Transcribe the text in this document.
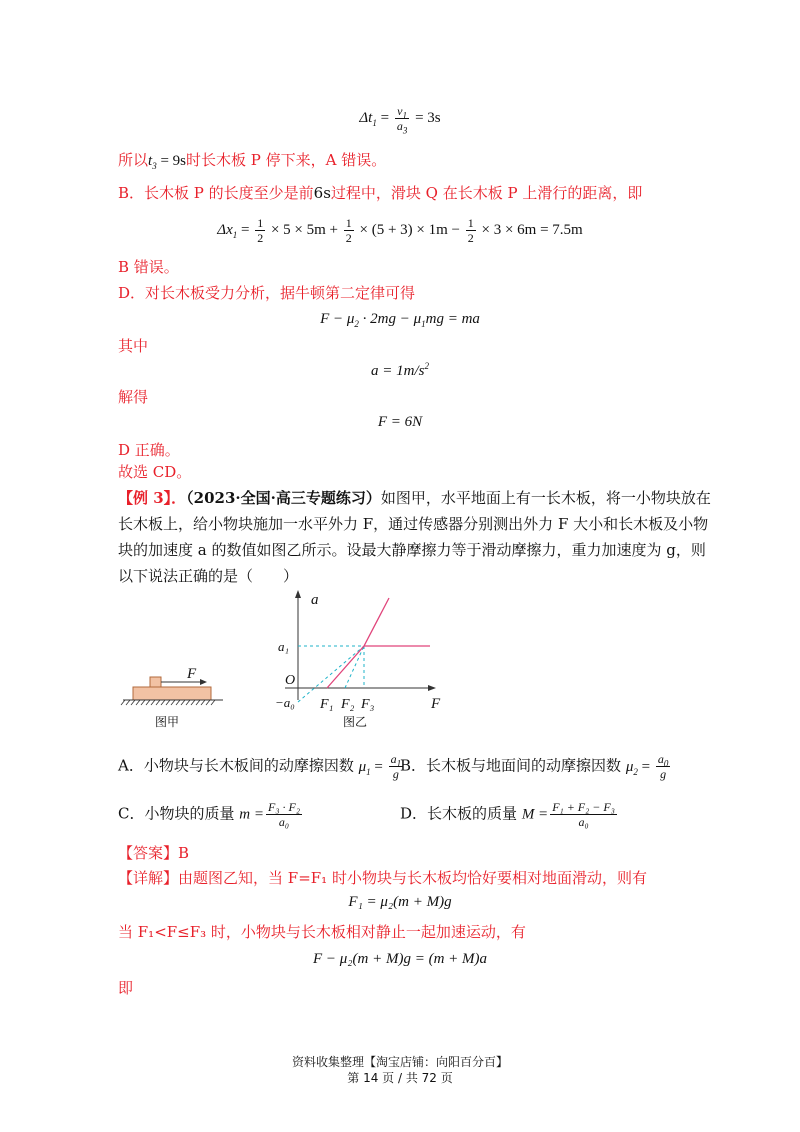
$\Delta t_1 = \frac{v_1}{a_3} = 3s$
所以$t_3 = 9s$时长木板 P 停下来，A 错误。
B．长木板 P 的长度至少是前6s过程中，滑块 Q 在长木板 P 上滑行的距离，即
$\Delta x_1 = \frac{1}{2} \times 5 \times 5m + \frac{1}{2} \times (5 + 3) \times 1m - \frac{1}{2} \times 3 \times 6m = 7.5m$
B 错误。
D．对长木板受力分析，据牛顿第二定律可得
$F - \mu_2 \cdot 2mg - \mu_1mg$ = ma
其中
$a = 1m/s^2$
解得
F = 6N
D 正确。
故选 CD。
【例 3】．（2023·全国·高三专题练习）如图甲，水平地面上有一长木板，将一小物块放在
长木板上，给小物块施加一水平外力 F，通过传感器分别测出外力 F 大小和长木板及小物
块的加速度 a 的数值如图乙所示。设最大静摩擦力等于滑动摩擦力，重力加速度为 g，则
以下说法正确的是（　　）
F
图甲
a
F
O
a₁
−a₀ F₁ F₂ F₃
图乙
A．小物块与长木板间的动摩擦因数 $\mu_1 = \frac{a_1}{g}$
B．长木板与地面间的动摩擦因数 $\mu_2 = \frac{a_0}{g}$
C．小物块的质量 $m = \frac{\text{F₃ · F₂}}{\text{a₀}}$	D．长木板的质量 $M = \frac{\text{F₁ + F₂ − F₃}}{\text{a₀}}$
【答案】B
【详解】由题图乙知，当 F=F₁ 时小物块与长木板均恰好要相对地面滑动，则有
F₁ = μ₂(m + M)g
当 F₁<F≤F₃ 时，小物块与长木板相对静止一起加速运动，有
F − μ₂(m + M)g = (m + M)a
即
资料收集整理【淘宝店铺：向阳百分百】
第 14 页 / 共 72 页
